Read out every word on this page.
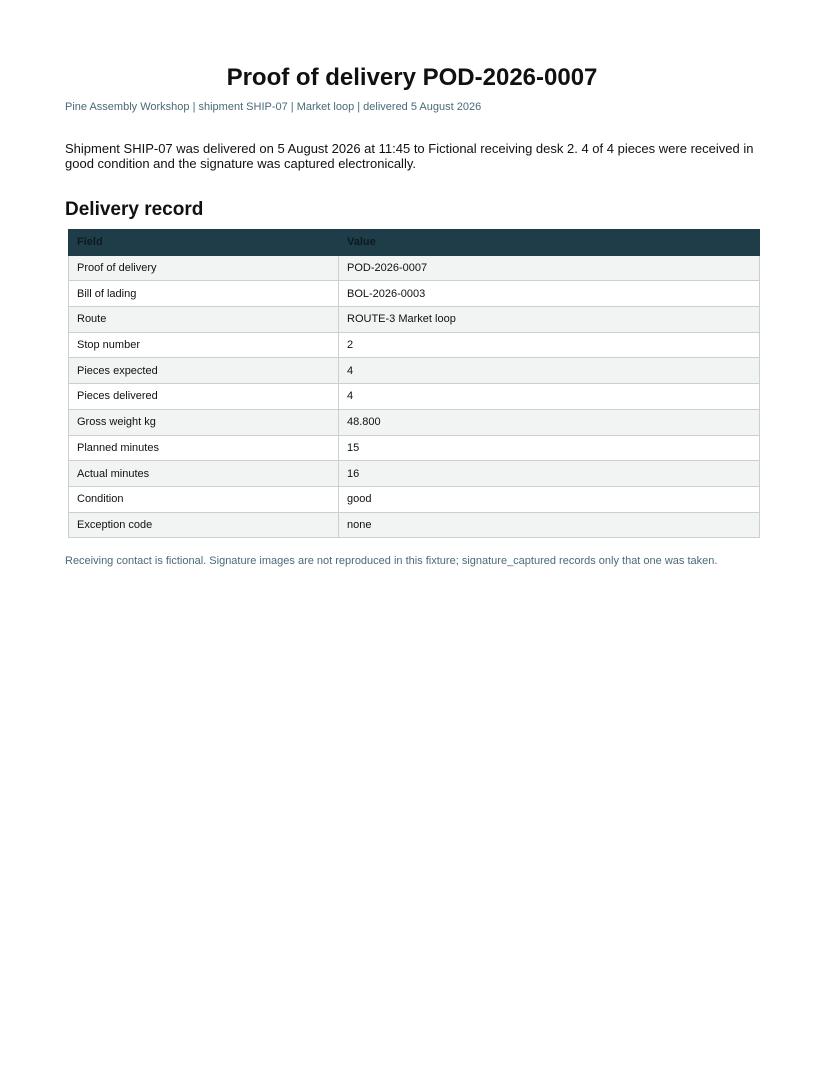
Proof of delivery POD-2026-0007
Pine Assembly Workshop | shipment SHIP-07 | Market loop | delivered 5 August 2026

Shipment SHIP-07 was delivered on 5 August 2026 at 11:45 to Fictional receiving desk 2. 4 of 4 pieces were received in good condition and the signature was captured electronically.

Delivery record
Field	Value
Proof of delivery	POD-2026-0007
Bill of lading	BOL-2026-0003
Route	ROUTE-3 Market loop
Stop number	2
Pieces expected	4
Pieces delivered	4
Gross weight kg	48.800
Planned minutes	15
Actual minutes	16
Condition	good
Exception code	none
Receiving contact is fictional. Signature images are not reproduced in this fixture; signature_captured records only that one was taken.
